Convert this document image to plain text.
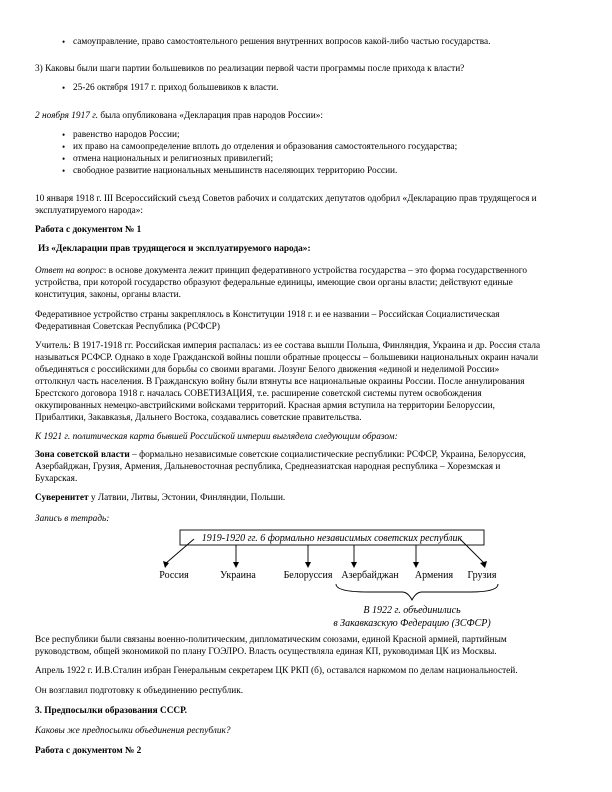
• самоуправление, право самостоятельного решения внутренних вопросов какой-либо частью государства.
3) Каковы были шаги партии большевиков по реализации первой части программы после прихода к власти?
• 25-26 октября 1917 г. приход большевиков к власти.
2 ноября 1917 г. была опубликована «Декларация прав народов России»:
• равенство народов России;
• их право на самоопределение вплоть до отделения и образования самостоятельного государства;
• отмена национальных и религиозных привилегий;
• свободное развитие национальных меньшинств населяющих территорию России.
10 января 1918 г. III Всероссийский съезд Советов рабочих и солдатских депутатов одобрил «Декларацию прав трудящегося и
эксплуатируемого народа»:
Работа с документом № 1
Из «Декларации прав трудящегося и эксплуатируемого народа»:
Ответ на вопрос: в основе документа лежит принцип федеративного устройства государства – это форма государственного
устройства, при которой государство образуют федеральные единицы, имеющие свои органы власти; действуют единые
конституция, законы, органы власти.
Федеративное устройство страны закреплялось в Конституции 1918 г. и ее названии – Российская Социалистическая
Федеративная Советская Республика (РСФСР)
Учитель: В 1917-1918 гг. Российская империя распалась: из ее состава вышли Польша, Финляндия, Украина и др. Россия стала
называться РСФСР. Однако в ходе Гражданской войны пошли обратные процессы – большевики национальных окраин начали
объединяться с российскими для борьбы со своими врагами. Лозунг Белого движения «единой и неделимой России»
оттолкнул часть населения. В Гражданскую войну были втянуты все национальные окраины России. После аннулирования
Брестского договора 1918 г. началась СОВЕТИЗАЦИЯ, т.е. расширение советской системы путем освобождения
оккупированных немецко-австрийскими войсками территорий. Красная армия вступила на территории Белоруссии,
Прибалтики, Закавказья, Дальнего Востока, создавались советские правительства.
К 1921 г. политическая карта бывшей Российской империи выглядела следующим образом:
Зона советской власти – формально независимые советские социалистические республики: РСФСР, Украина, Белоруссия,
Азербайджан, Грузия, Армения, Дальневосточная республика, Среднеазиатская народная республика – Хорезмская и
Бухарская.
Суверенитет у Латвии, Литвы, Эстонии, Финляндии, Польши.
Запись в тетрадь:
1919-1920 гг. 6 формально независимых советских республик
Россия	Украина	Белоруссия Азербайджан Армения Грузия
В 1922 г. объединились
в Закавказскую Федерацию (ЗСФСР)
Все республики были связаны военно-политическим, дипломатическим союзами, единой Красной армией, партийным
руководством, общей экономикой по плану ГОЭЛРО. Власть осуществляла единая КП, руководимая ЦК из Москвы.
Апрель 1922 г. И.В.Сталин избран Генеральным секретарем ЦК РКП (б), оставался наркомом по делам национальностей.
Он возглавил подготовку к объединению республик.
3. Предпосылки образования СССР.
Каковы же предпосылки объединения республик?
Работа с документом № 2
